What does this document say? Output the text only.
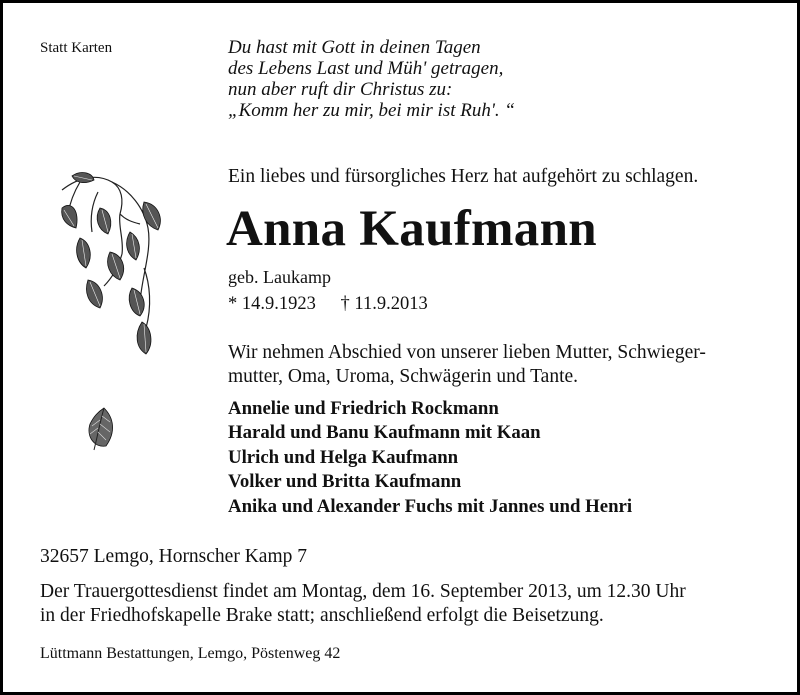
Statt Karten	Du hast mit Gott in deinen Tagen
des Lebens Last und Müh' getragen,
nun aber ruft dir Christus zu:
„Komm her zu mir, bei mir ist Ruh'. “
Ein liebes und fürsorgliches Herz hat aufgehört zu schlagen.
Anna Kaufmann
geb. Laukamp
* 14.9.1923 † 11.9.2013
Wir nehmen Abschied von unserer lieben Mutter, Schwieger-
mutter, Oma, Uroma, Schwägerin und Tante.
Annelie und Friedrich Rockmann
Harald und Banu Kaufmann mit Kaan
Ulrich und Helga Kaufmann
Volker und Britta Kaufmann
Anika und Alexander Fuchs mit Jannes und Henri
32657 Lemgo, Hornscher Kamp 7
Der Trauergottesdienst findet am Montag, dem 16. September 2013, um 12.30 Uhr
in der Friedhofskapelle Brake statt; anschließend erfolgt die Beisetzung.
Lüttmann Bestattungen, Lemgo, Pöstenweg 42
